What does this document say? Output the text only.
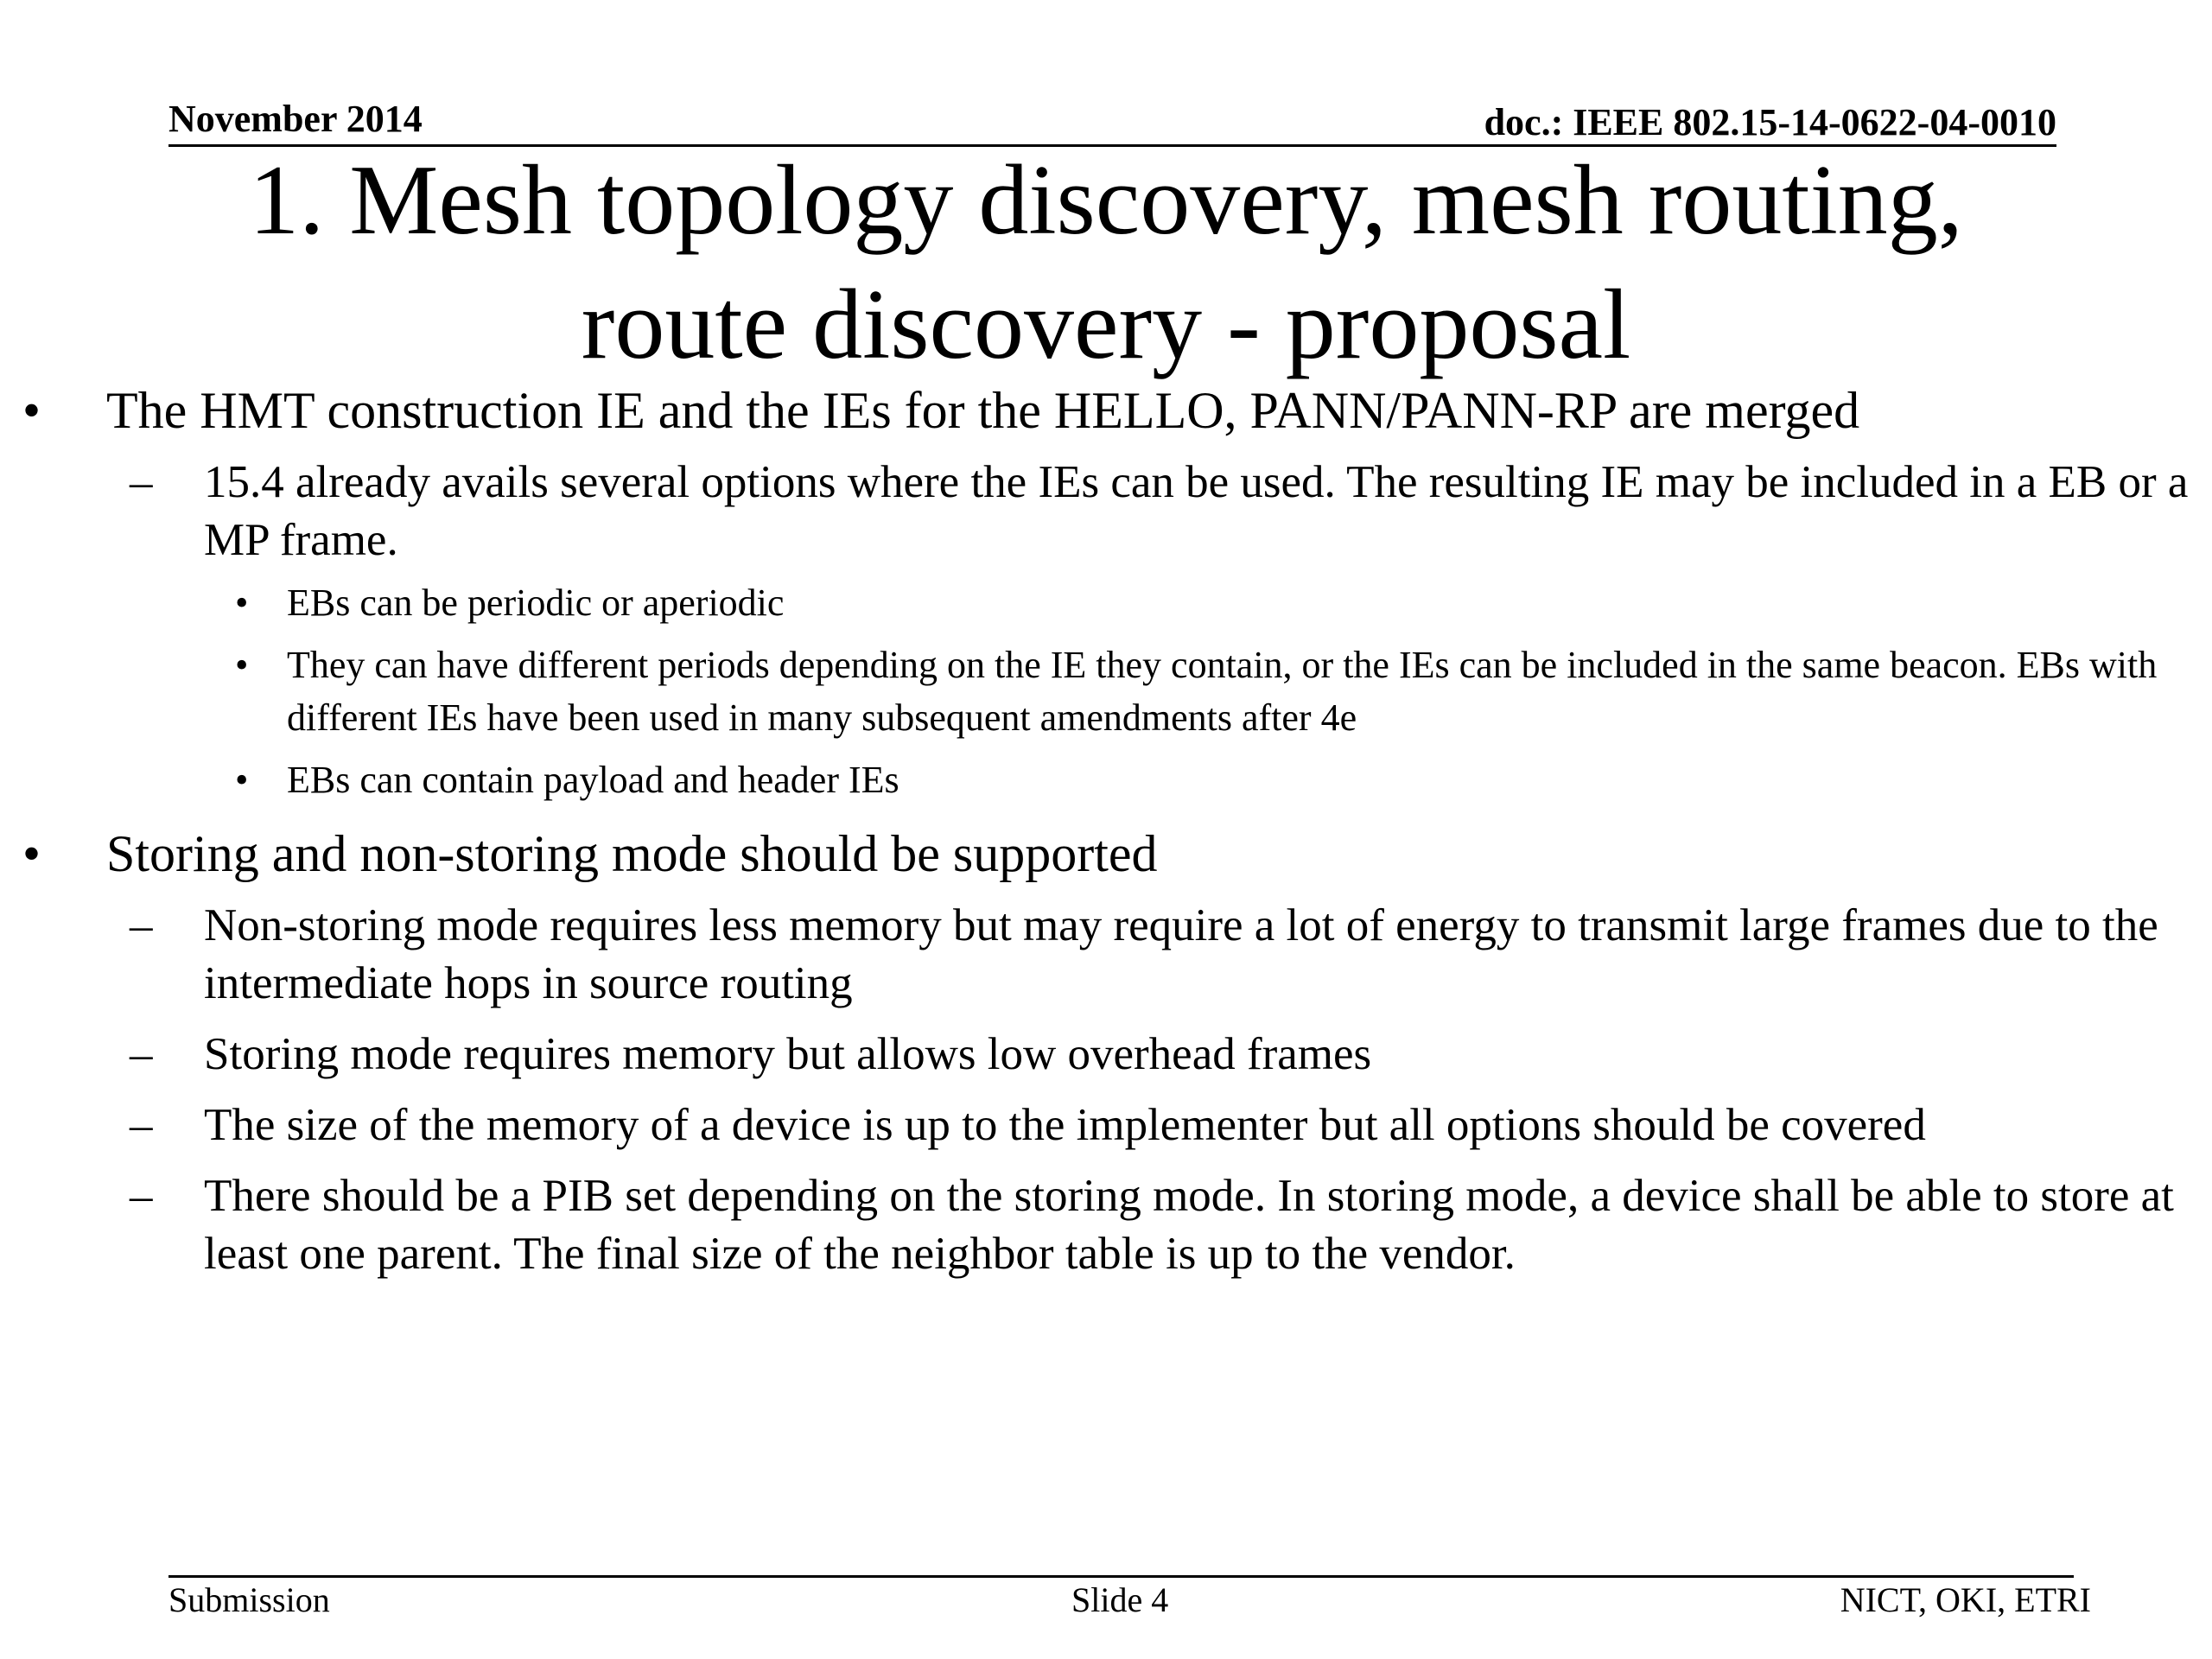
November 2014	doc.: IEEE 802.15-14-0622-04-0010
1. Mesh topology discovery, mesh routing,
route discovery - proposal
• The HMT construction IE and the IEs for the HELLO, PANN/PANN-RP are merged
– 15.4 already avails several options where the IEs can be used. The resulting IE may be included in a EB or a MP frame.
• EBs can be periodic or aperiodic
• They can have different periods depending on the IE they contain, or the IEs can be included in the same beacon. EBs with different IEs have been used in many subsequent amendments after 4e
• EBs can contain payload and header IEs
• Storing and non-storing mode should be supported
– Non-storing mode requires less memory but may require a lot of energy to transmit large frames due to the intermediate hops in source routing
– Storing mode requires memory but allows low overhead frames
– The size of the memory of a device is up to the implementer but all options should be covered
– There should be a PIB set depending on the storing mode. In storing mode, a device shall be able to store at least one parent. The final size of the neighbor table is up to the vendor.
Submission	Slide 4	NICT, OKI, ETRI
